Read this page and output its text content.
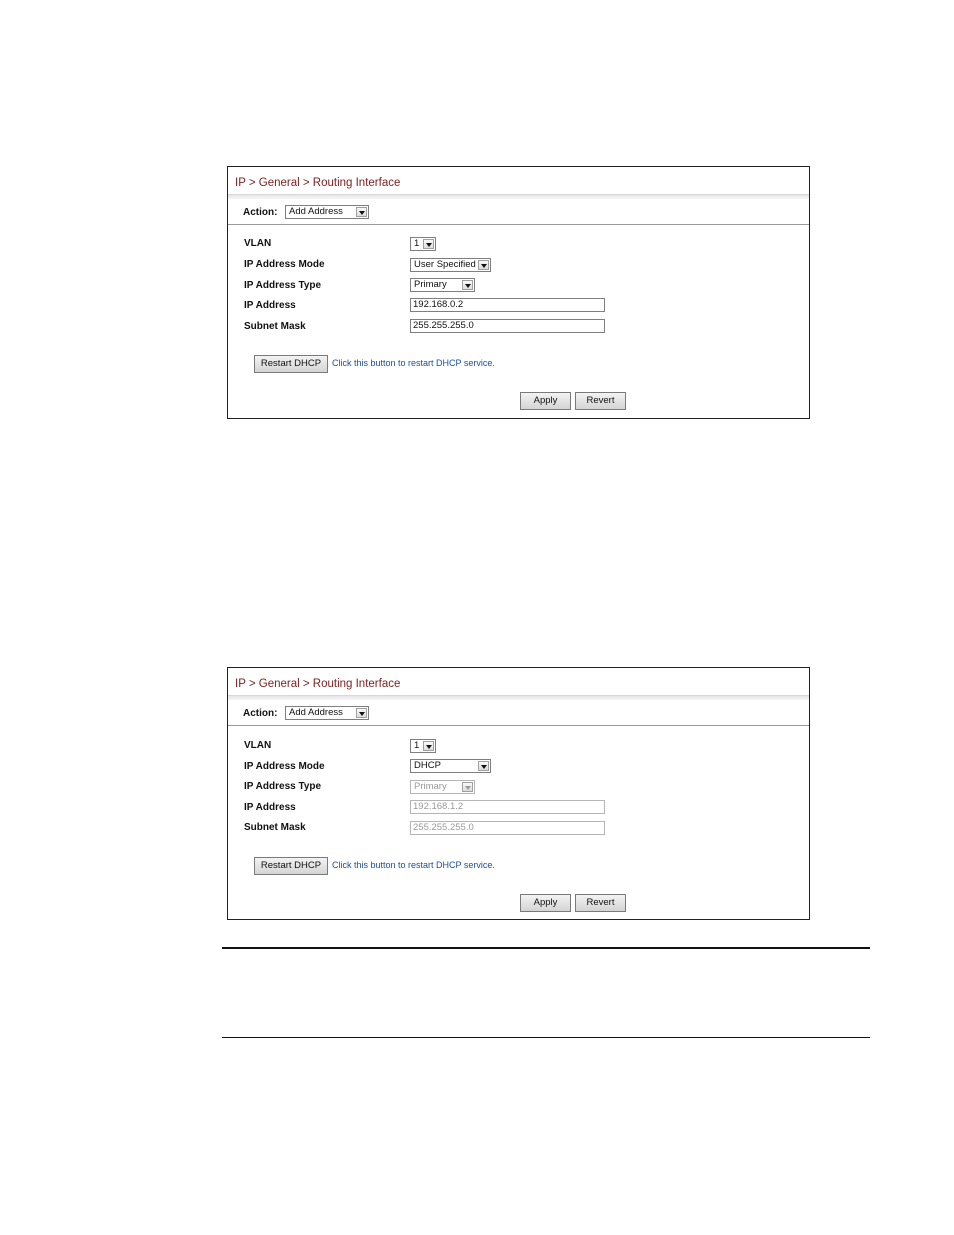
IP > General > Routing Interface
Action:	Add Address
VLAN	1
IP Address Mode	User Specified
IP Address Type	Primary
IP Address	192.168.0.2
Subnet Mask	255.255.255.0
Restart DHCP	Click this button to restart DHCP service.
Apply	Revert
IP > General > Routing Interface
Action:	Add Address
VLAN	1
IP Address Mode	DHCP
IP Address Type	Primary
IP Address	192.168.1.2
Subnet Mask	255.255.255.0
Restart DHCP	Click this button to restart DHCP service.
Apply	Revert
